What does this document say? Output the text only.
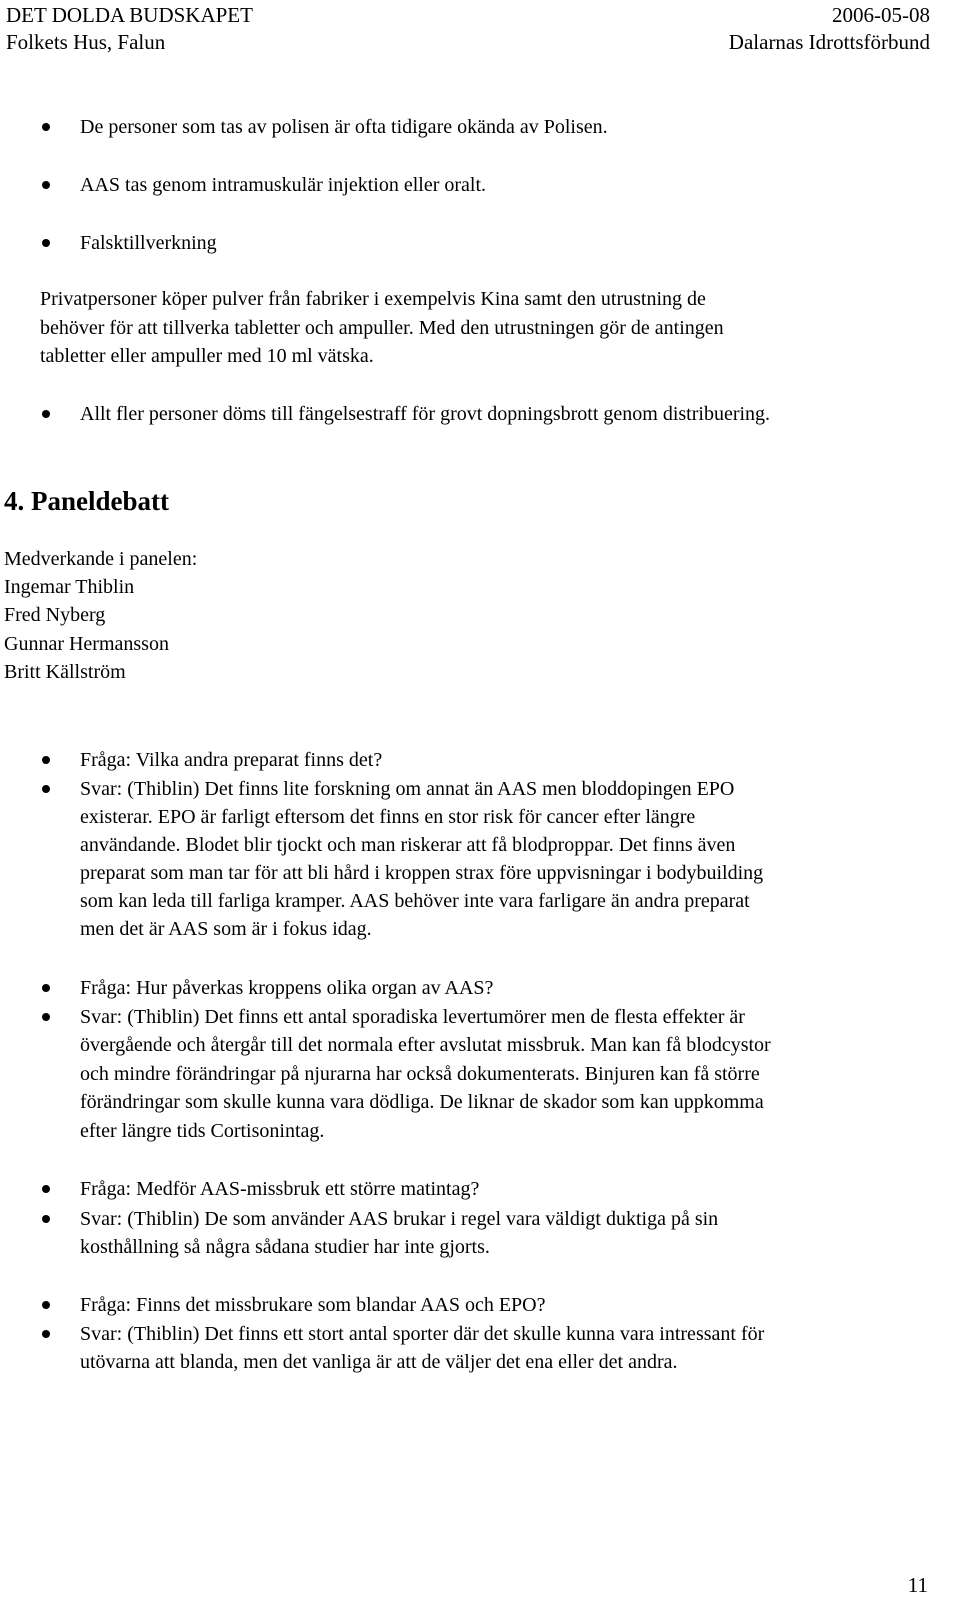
DET DOLDA BUDSKAPET
Folkets Hus, Falun
2006-05-08
Dalarnas Idrottsförbund
De personer som tas av polisen är ofta tidigare okända av Polisen.
AAS tas genom intramuskulär injektion eller oralt.
Falsktillverkning
Privatpersoner köper pulver från fabriker i exempelvis Kina samt den utrustning de
behöver för att tillverka tabletter och ampuller. Med den utrustningen gör de antingen
tabletter eller ampuller med 10 ml vätska.
Allt fler personer döms till fängelsestraff för grovt dopningsbrott genom distribuering.
4. Paneldebatt
Medverkande i panelen:
Ingemar Thiblin
Fred Nyberg
Gunnar Hermansson
Britt Källström
Fråga: Vilka andra preparat finns det?
Svar: (Thiblin) Det finns lite forskning om annat än AAS men bloddopingen EPO
existerar. EPO är farligt eftersom det finns en stor risk för cancer efter längre
användande. Blodet blir tjockt och man riskerar att få blodproppar. Det finns även
preparat som man tar för att bli hård i kroppen strax före uppvisningar i bodybuilding
som kan leda till farliga kramper. AAS behöver inte vara farligare än andra preparat
men det är AAS som är i fokus idag.
Fråga: Hur påverkas kroppens olika organ av AAS?
Svar: (Thiblin) Det finns ett antal sporadiska levertumörer men de flesta effekter är
övergående och återgår till det normala efter avslutat missbruk. Man kan få blodcystor
och mindre förändringar på njurarna har också dokumenterats. Binjuren kan få större
förändringar som skulle kunna vara dödliga. De liknar de skador som kan uppkomma
efter längre tids Cortisonintag.
Fråga: Medför AAS-missbruk ett större matintag?
Svar: (Thiblin) De som använder AAS brukar i regel vara väldigt duktiga på sin
kosthållning så några sådana studier har inte gjorts.
Fråga: Finns det missbrukare som blandar AAS och EPO?
Svar: (Thiblin) Det finns ett stort antal sporter där det skulle kunna vara intressant för
utövarna att blanda, men det vanliga är att de väljer det ena eller det andra.
11
